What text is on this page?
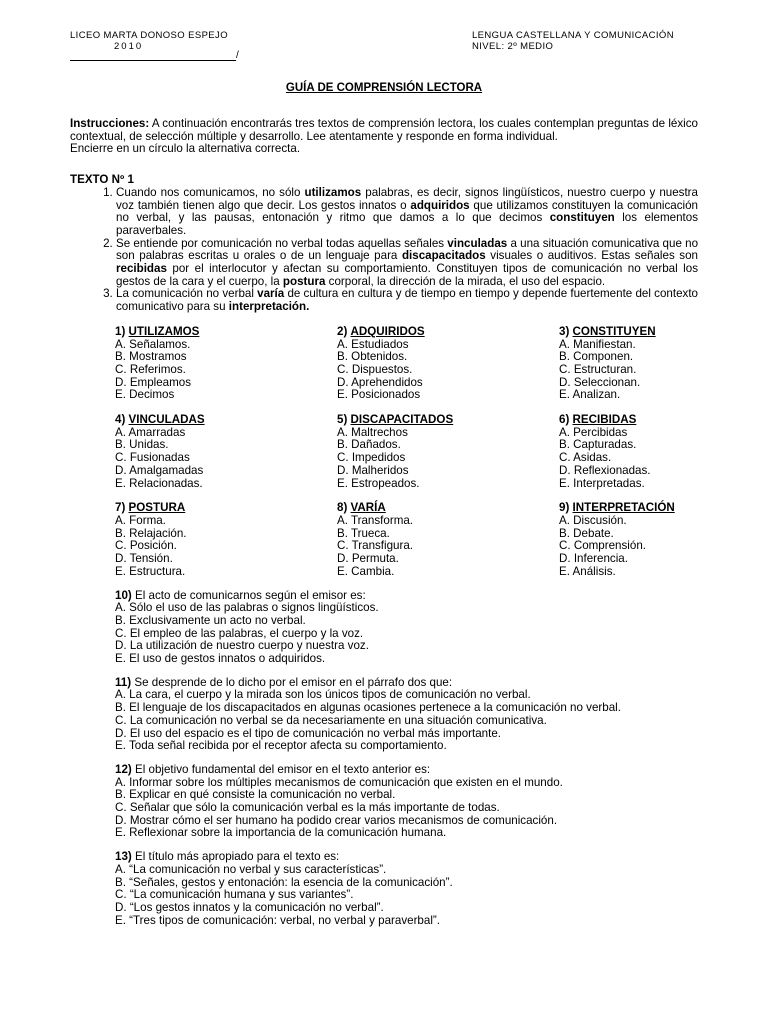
LICEO MARTA DONOSO ESPEJO
2010
LENGUA CASTELLANA Y COMUNICACIÓN
NIVEL: 2º MEDIO
/
GUÍA DE COMPRENSIÓN LECTORA

Instrucciones: A continuación encontrarás tres textos de comprensión lectora, los cuales contemplan preguntas de léxico contextual, de selección múltiple y desarrollo. Lee atentamente y responde en forma individual.
Encierre en un círculo la alternativa correcta.

TEXTO Nº 1
1. Cuando nos comunicamos, no sólo utilizamos palabras, es decir, signos lingüísticos, nuestro cuerpo y nuestra voz también tienen algo que decir. Los gestos innatos o adquiridos que utilizamos constituyen la comunicación no verbal, y las pausas, entonación y ritmo que damos a lo que decimos constituyen los elementos paraverbales.
2. Se entiende por comunicación no verbal todas aquellas señales vinculadas a una situación comunicativa que no son palabras escritas u orales o de un lenguaje para discapacitados visuales o auditivos. Estas señales son recibidas por el interlocutor y afectan su comportamiento. Constituyen tipos de comunicación no verbal los gestos de la cara y el cuerpo, la postura corporal, la dirección de la mirada, el uso del espacio.
3. La comunicación no verbal varía de cultura en cultura y de tiempo en tiempo y depende fuertemente del contexto comunicativo para su interpretación.
1) UTILIZAMOS
A. Señalamos.
B. Mostramos
C. Referimos.
D. Empleamos
E. Decimos
2) ADQUIRIDOS
A. Estudiados
B. Obtenidos.
C. Dispuestos.
D. Aprehendidos
E. Posicionados
3) CONSTITUYEN
A. Manifiestan.
B. Componen.
C. Estructuran.
D. Seleccionan.
E. Analizan.
4) VINCULADAS
A. Amarradas
B. Unidas.
C. Fusionadas
D. Amalgamadas
E. Relacionadas.
5) DISCAPACITADOS
A. Maltrechos
B. Dañados.
C. Impedidos
D. Malheridos
E. Estropeados.
6) RECIBIDAS
A. Percibidas
B. Capturadas.
C. Asidas.
D. Reflexionadas.
E. Interpretadas.
7) POSTURA
A. Forma.
B. Relajación.
C. Posición.
D. Tensión.
E. Estructura.
8) VARÍA
A. Transforma.
B. Trueca.
C. Transfigura.
D. Permuta.
E. Cambia.
9) INTERPRETACIÓN
A. Discusión.
B. Debate.
C. Comprensión.
D. Inferencia.
E. Análisis.
10) El acto de comunicarnos según el emisor es:
A. Sólo el uso de las palabras o signos lingüísticos.
B. Exclusivamente un acto no verbal.
C. El empleo de las palabras, el cuerpo y la voz.
D. La utilización de nuestro cuerpo y nuestra voz.
E. El uso de gestos innatos o adquiridos.
11) Se desprende de lo dicho por el emisor en el párrafo dos que:
A. La cara, el cuerpo y la mirada son los únicos tipos de comunicación no verbal.
B. El lenguaje de los discapacitados en algunas ocasiones pertenece a la comunicación no verbal.
C. La comunicación no verbal se da necesariamente en una situación comunicativa.
D. El uso del espacio es el tipo de comunicación no verbal más importante.
E. Toda señal recibida por el receptor afecta su comportamiento.
12) El objetivo fundamental del emisor en el texto anterior es:
A. Informar sobre los múltiples mecanismos de comunicación que existen en el mundo.
B. Explicar en qué consiste la comunicación no verbal.
C. Señalar que sólo la comunicación verbal es la más importante de todas.
D. Mostrar cómo el ser humano ha podido crear varios mecanismos de comunicación.
E. Reflexionar sobre la importancia de la comunicación humana.
13) El título más apropiado para el texto es:
A. “La comunicación no verbal y sus características”.
B. “Señales, gestos y entonación: la esencia de la comunicación”.
C. “La comunicación humana y sus variantes”.
D. “Los gestos innatos y la comunicación no verbal”.
E. “Tres tipos de comunicación: verbal, no verbal y paraverbal”.
